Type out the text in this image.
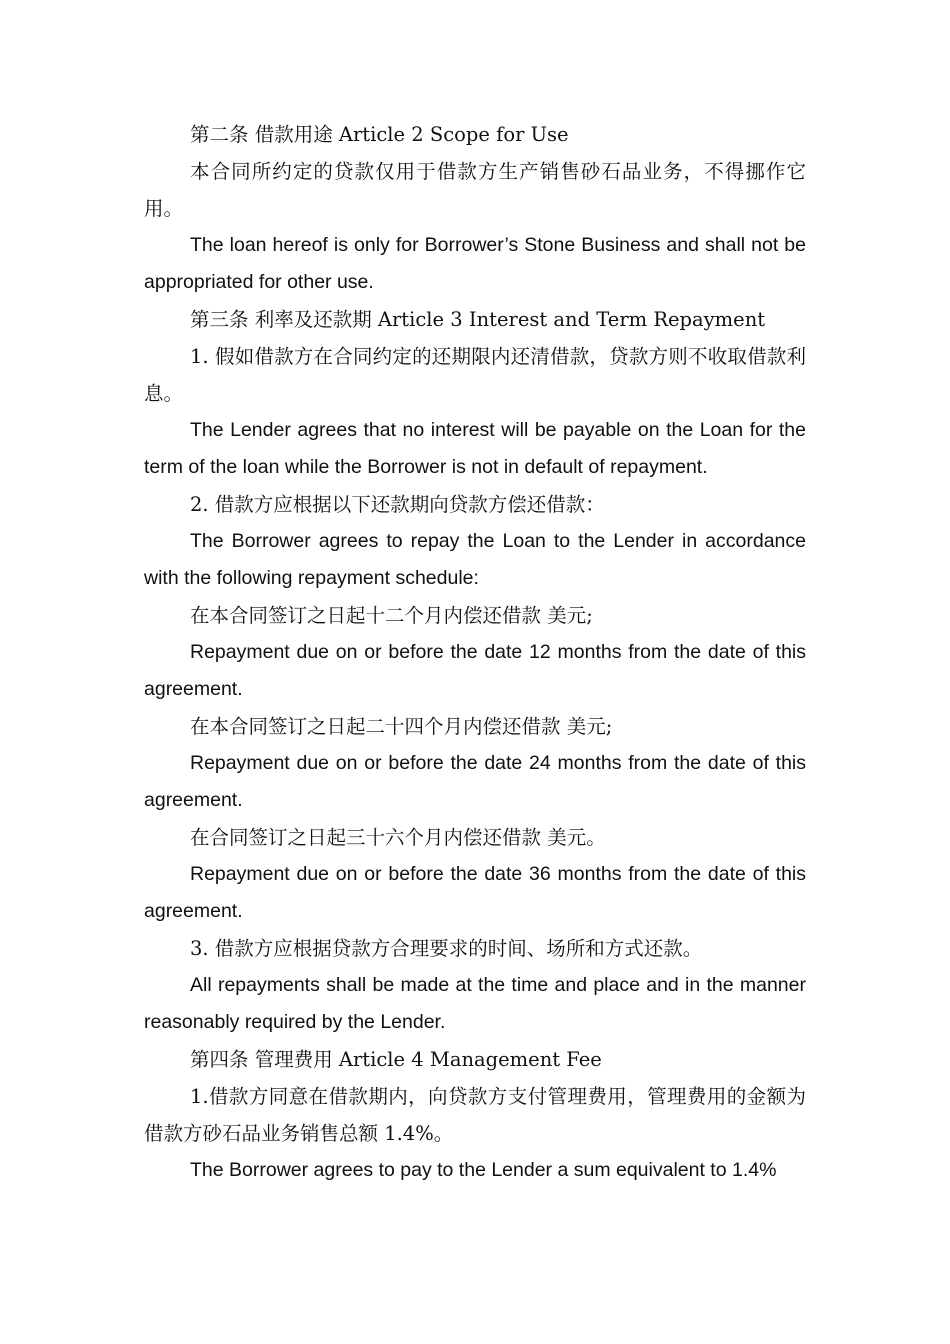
第二条 借款用途 Article 2 Scope for Use

本合同所约定的贷款仅用于借款方生产销售砂石品业务，不得挪作它用。

The loan hereof is only for Borrower’s Stone Business and shall not be appropriated for other use.

第三条 利率及还款期 Article 3 Interest and Term Repayment

1. 假如借款方在合同约定的还期限内还清借款，贷款方则不收取借款利息。

The Lender agrees that no interest will be payable on the Loan for the term of the loan while the Borrower is not in default of repayment.

2. 借款方应根据以下还款期向贷款方偿还借款：

The Borrower agrees to repay the Loan to the Lender in accordance with the following repayment schedule:

在本合同签订之日起十二个月内偿还借款 美元;

Repayment due on or before the date 12 months from the date of this agreement.

在本合同签订之日起二十四个月内偿还借款 美元;

Repayment due on or before the date 24 months from the date of this agreement.

在合同签订之日起三十六个月内偿还借款 美元。

Repayment due on or before the date 36 months from the date of this agreement.

3. 借款方应根据贷款方合理要求的时间、场所和方式还款。

All repayments shall be made at the time and place and in the manner reasonably required by the Lender.

第四条 管理费用 Article 4 Management Fee

1.借款方同意在借款期内，向贷款方支付管理费用，管理费用的金额为借款方砂石品业务销售总额 1.4%。

The Borrower agrees to pay to the Lender a sum equivalent to 1.4%
